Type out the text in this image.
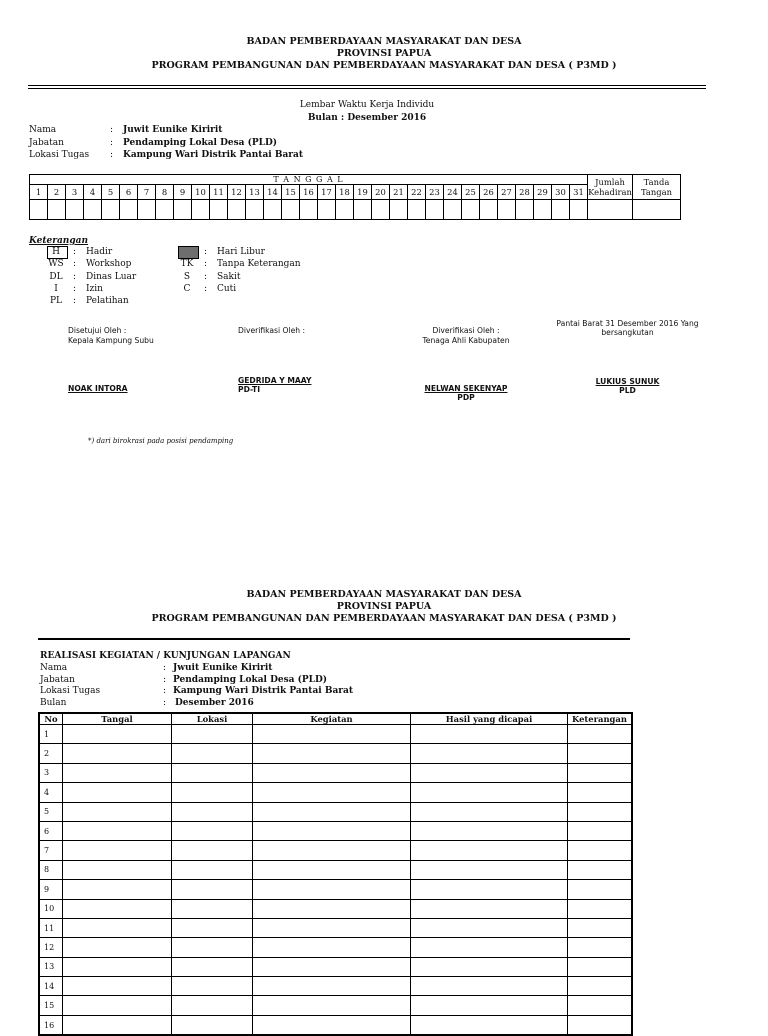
BADAN PEMBERDAYAAN MASYARAKAT DAN DESA
PROVINSI PAPUA
PROGRAM PEMBANGUNAN DAN PEMBERDAYAAN MASYARAKAT DAN DESA ( P3MD )
Lembar Waktu Kerja Individu
Bulan : Desember 2016
Nama	: Juwit Eunike Kiririt
Jabatan	: Pendamping Lokal Desa (PLD)
Lokasi Tugas : Kampung Wari Distrik Pantai Barat
T A N G G A L																															Jumlah Kehadiran	Tanda Tangan
1	2	3	4	5	6	7	8	9	10	11	12	13	14	15	16	17	18	19	20	21	22	23	24	25	26	27	28	29	30	31		

Keterangan
H	: Hadir
WS	: Workshop
DL	: Dinas Luar
I	: Izin
PL	: Pelatihan
: Hari Libur
TK	: Tanpa Keterangan
S	: Sakit
C	: Cuti
Disetujui Oleh :
Kepala Kampung Subu
NOAK INTORA
Diverifikasi Oleh :
GEDRIDA Y MAAY
PD-TI
Diverifikasi Oleh :
Tenaga Ahli Kabupaten
NELWAN SEKENYAP
PDP
Pantai Barat 31 Desember 2016 Yang
bersangkutan
LUKIUS SUNUK
PLD
*) dari birokrasi pada posisi pendamping
BADAN PEMBERDAYAAN MASYARAKAT DAN DESA
PROVINSI PAPUA
PROGRAM PEMBANGUNAN DAN PEMBERDAYAAN MASYARAKAT DAN DESA ( P3MD )
REALISASI KEGIATAN / KUNJUNGAN LAPANGAN
Nama	: Jwuit Eunike Kiririt
Jabatan	: Pendamping Lokal Desa (PLD)
Lokasi Tugas	: Kampung Wari Distrik Pantai Barat
Bulan	: Desember 2016
No	Tangal	Lokasi	Kegiatan	Hasil yang dicapai	Keterangan
1					
2					
3					
4					
5					
6					
7					
8					
9					
10					
11					
12					
13					
14					
15					
16					
